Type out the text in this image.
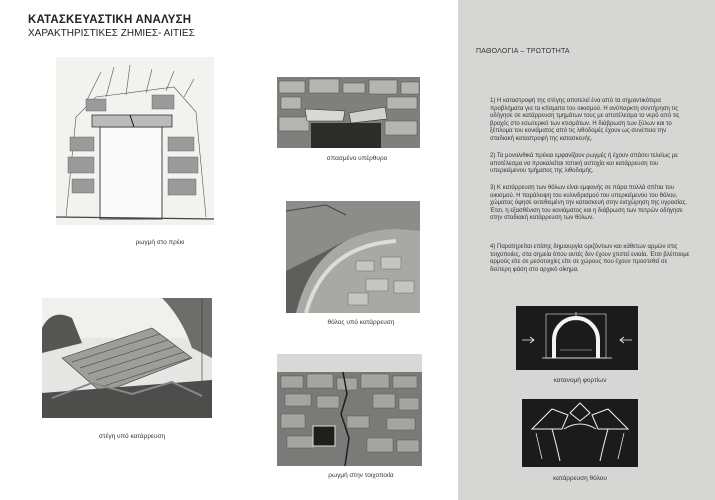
ΚΑΤΑΣΚΕΥΑΣΤΙΚΗ ΑΝΑΛΥΣΗ
ΧΑΡΑΚΤΗΡΙΣΤΙΚΕΣ ΖΗΜΙΕΣ- ΑΙΤΙΕΣ
ρωγμή στο πρέκι
σπασμένο υπέρθυρο
θόλος υπό κατάρρευση
στέγη υπό κατάρρευση
ρωγμή στην τοιχοποιία
ΠΑΘΟΛΟΓΙΑ – ΤΡΩΤΟΤΗΤΑ

1) Η καταστροφή της στέγης αποτελεί ένα από τα σημαντικότερα προβλήματα για τα κτίσματα του οικισμού. Η ανύπαρκτη συντήρηση τις οδήγησε σε κατάρρευση τμημάτων τους με αποτέλεσμα το νερό από τις βροχές στο εσωτερικό των κτισμάτων. Η διάβρωση των ξύλων και το ξέπλυμα του κονιάματος από τις λιθοδομές έχουν ως συνέπεια την σταδιακή καταστροφή της κατασκευής.

2) Τα μονολιθικά πρέκια εμφανίζουν ρωγμές ή έχουν σπάσει τελείως με αποτέλεσμα να προκαλείται τοπική αστοχία και κατάρρευση του υπερκείμενου τμήματος της λιθοδομής.

3) Κ κατάρρευση των θόλων είναι εμφανής σε πάρα πολλά σπίτια του οικισμού. Η παράλειψη του κυλινδρισμού του υπερκείμενου του θόλου, χώματος όφησε εκτεθειμένη την κατασκευή στην εισχώρηση της υγρασίας. Έτσι, η εξασθένιση του κονιάματος και η διάβρωση των πετρών οδήγησε στην σταδιακή κατάρρευση των θόλων.

4) Παρατηρείται επίσης δημιουργία οριζόντιων και κάθετων αρμών στις τοιχοποιίες, στα σημεία όπου αυτές δεν έχουν χτιστεί ενιαία. Έτσι βλέπουμε αρμούς είτε σε μεσοτοιχίες είτε σε χώρους που έχουν προστεθεί σε δεύτερη φάση στο αρχικό οίκημα.

κατανομή φορτίων
κατάρρευση θόλου
